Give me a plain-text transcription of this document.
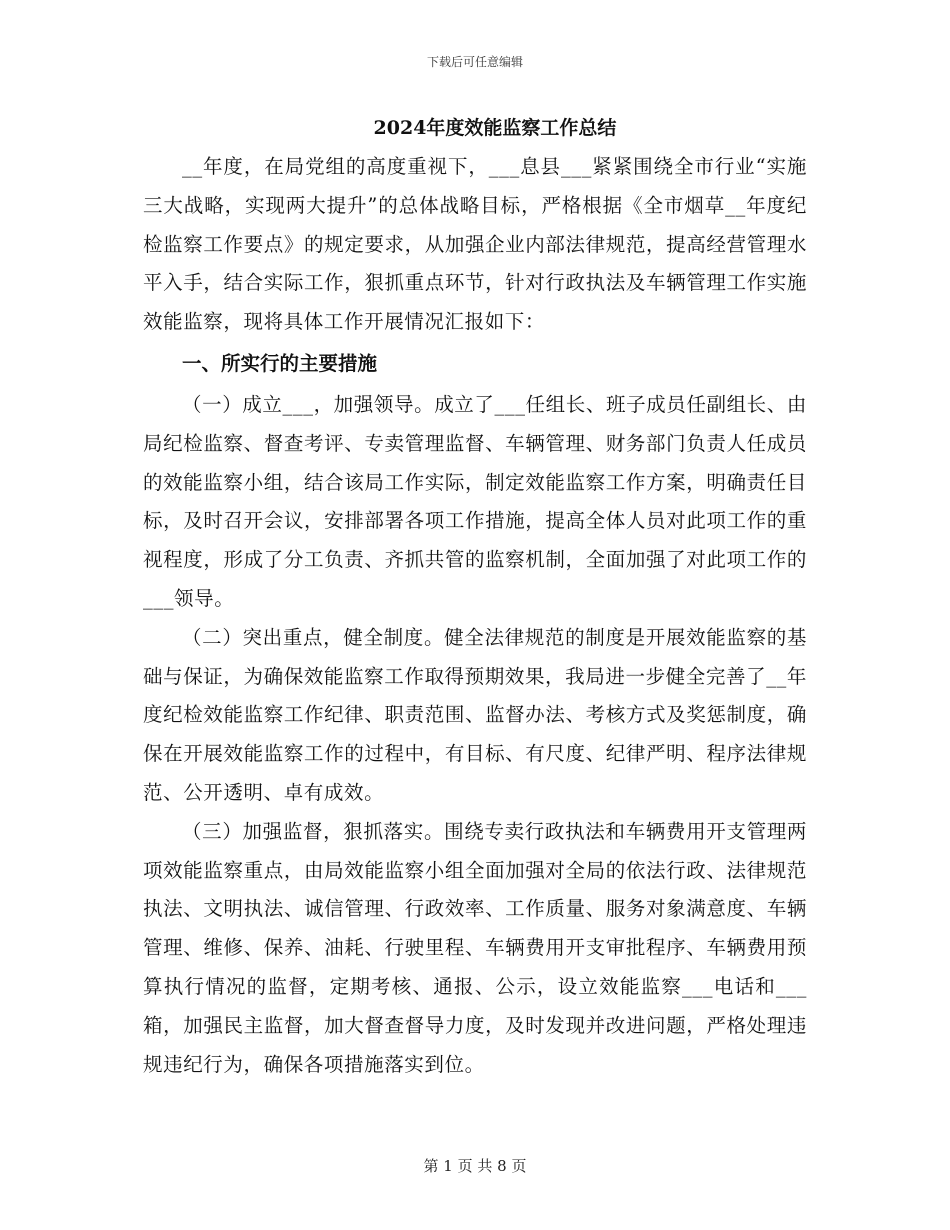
下载后可任意编辑
2024年度效能监察工作总结

__年度，在局党组的高度重视下，___息县___紧紧围绕全市行业“实施三大战略，实现两大提升”的总体战略目标，严格根据《全市烟草__年度纪检监察工作要点》的规定要求，从加强企业内部法律规范，提高经营管理水平入手，结合实际工作，狠抓重点环节，针对行政执法及车辆管理工作实施效能监察，现将具体工作开展情况汇报如下：

一、所实行的主要措施

（一）成立___，加强领导。成立了___任组长、班子成员任副组长、由局纪检监察、督查考评、专卖管理监督、车辆管理、财务部门负责人任成员的效能监察小组，结合该局工作实际，制定效能监察工作方案，明确责任目标，及时召开会议，安排部署各项工作措施，提高全体人员对此项工作的重视程度，形成了分工负责、齐抓共管的监察机制，全面加强了对此项工作的___领导。

（二）突出重点，健全制度。健全法律规范的制度是开展效能监察的基础与保证，为确保效能监察工作取得预期效果，我局进一步健全完善了__年度纪检效能监察工作纪律、职责范围、监督办法、考核方式及奖惩制度，确保在开展效能监察工作的过程中，有目标、有尺度、纪律严明、程序法律规范、公开透明、卓有成效。

（三）加强监督，狠抓落实。围绕专卖行政执法和车辆费用开支管理两项效能监察重点，由局效能监察小组全面加强对全局的依法行政、法律规范执法、文明执法、诚信管理、行政效率、工作质量、服务对象满意度、车辆管理、维修、保养、油耗、行驶里程、车辆费用开支审批程序、车辆费用预算执行情况的监督，定期考核、通报、公示，设立效能监察___电话和___箱，加强民主监督，加大督查督导力度，及时发现并改进问题，严格处理违规违纪行为，确保各项措施落实到位。

第 1 页 共 8 页
